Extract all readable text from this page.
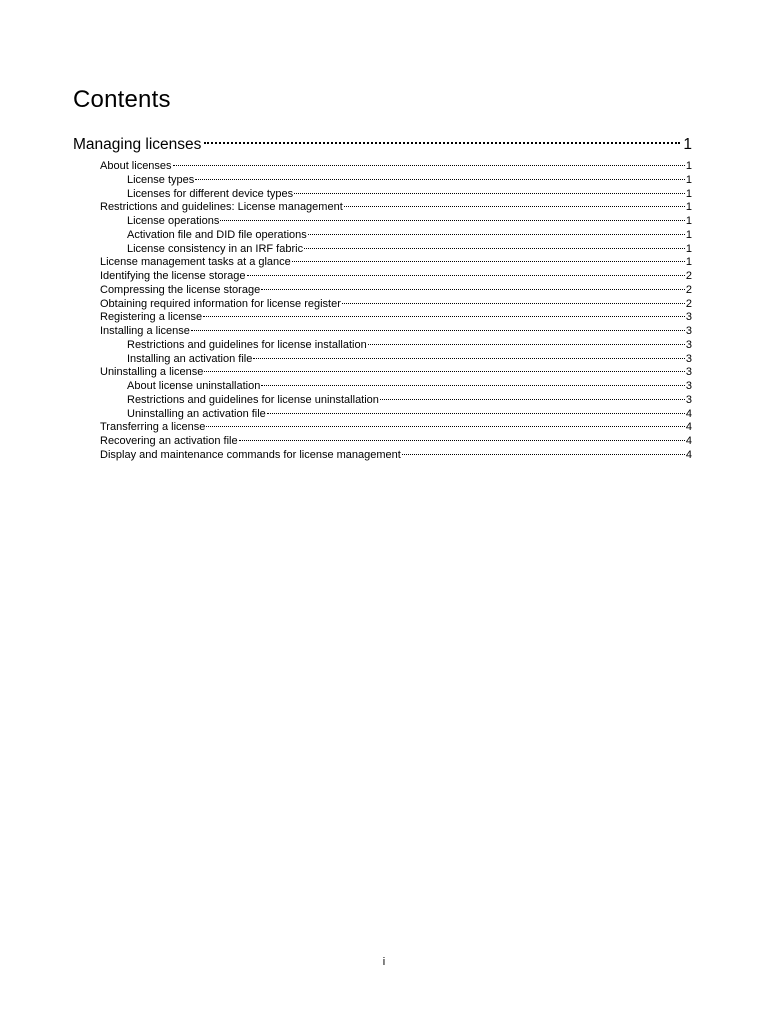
Contents
Managing licenses	1
About licenses	1
License types	1
Licenses for different device types	1
Restrictions and guidelines: License management	1
License operations	1
Activation file and DID file operations	1
License consistency in an IRF fabric	1
License management tasks at a glance	1
Identifying the license storage	2
Compressing the license storage	2
Obtaining required information for license register	2
Registering a license	3
Installing a license	3
Restrictions and guidelines for license installation	3
Installing an activation file	3
Uninstalling a license	3
About license uninstallation	3
Restrictions and guidelines for license uninstallation	3
Uninstalling an activation file	4
Transferring a license	4
Recovering an activation file	4
Display and maintenance commands for license management	4
i
